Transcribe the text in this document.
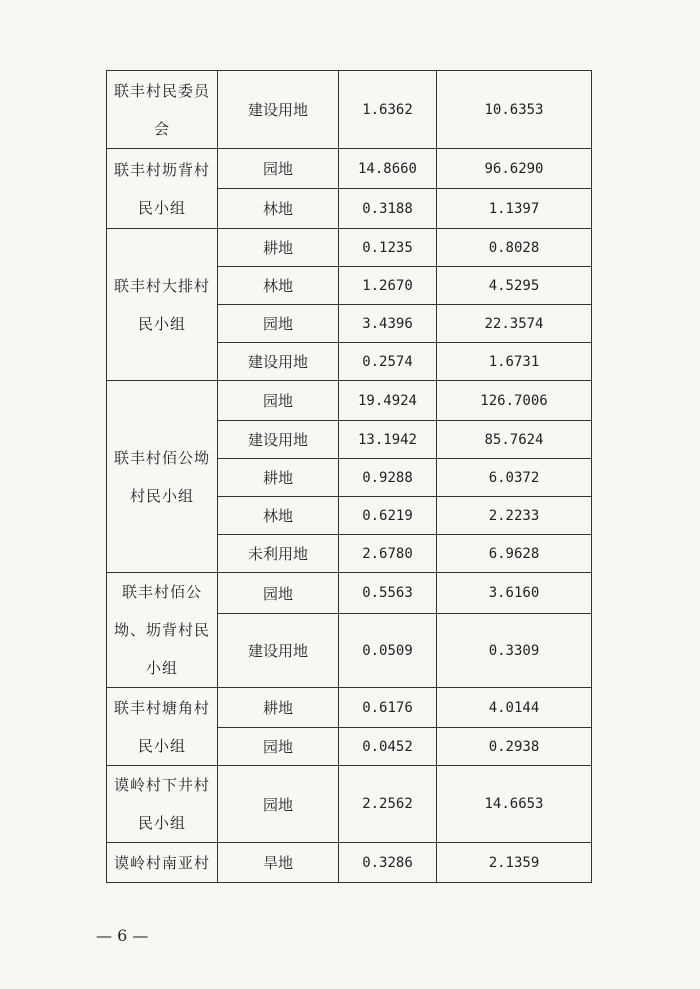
联丰村民委员会	建设用地	1.6362	10.6353
联丰村坜背村民小组	园地	14.8660	96.6290
	林地	0.3188	1.1397
联丰村大排村民小组	耕地	0.1235	0.8028
	林地	1.2670	4.5295
	园地	3.4396	22.3574
	建设用地	0.2574	1.6731
联丰村佰公坳村民小组	园地	19.4924	126.7006
	建设用地	13.1942	85.7624
	耕地	0.9288	6.0372
	林地	0.6219	2.2233
	未利用地	2.6780	6.9628
联丰村佰公坳、坜背村民小组	园地	0.5563	3.6160
	建设用地	0.0509	0.3309
联丰村塘角村民小组	耕地	0.6176	4.0144
	园地	0.0452	0.2938
谟岭村下井村民小组	园地	2.2562	14.6653
谟岭村南亚村	旱地	0.3286	2.1359
— 6 —
